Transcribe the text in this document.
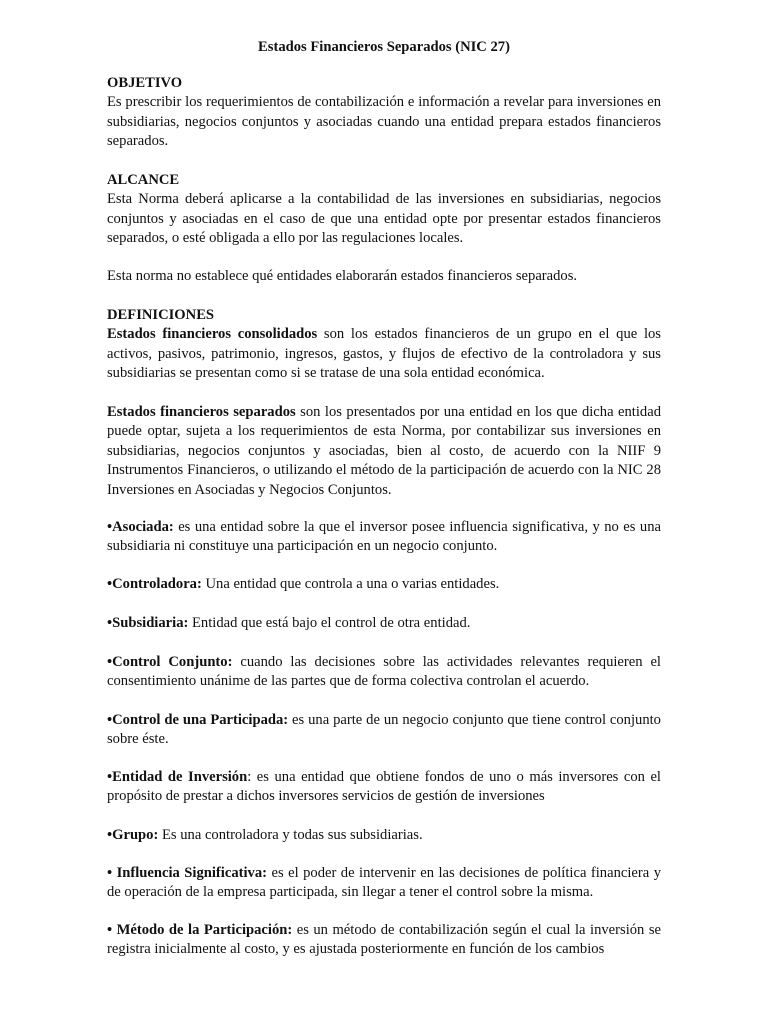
Estados Financieros Separados (NIC 27)

OBJETIVO
Es prescribir los requerimientos de contabilización e información a revelar para inversiones en subsidiarias, negocios conjuntos y asociadas cuando una entidad prepara estados financieros separados.
ALCANCE
Esta Norma deberá aplicarse a la contabilidad de las inversiones en subsidiarias, negocios conjuntos y asociadas en el caso de que una entidad opte por presentar estados financieros separados, o esté obligada a ello por las regulaciones locales.
Esta norma no establece qué entidades elaborarán estados financieros separados.
DEFINICIONES
Estados financieros consolidados son los estados financieros de un grupo en el que los activos, pasivos, patrimonio, ingresos, gastos, y flujos de efectivo de la controladora y sus subsidiarias se presentan como si se tratase de una sola entidad económica.
Estados financieros separados son los presentados por una entidad en los que dicha entidad puede optar, sujeta a los requerimientos de esta Norma, por contabilizar sus inversiones en subsidiarias, negocios conjuntos y asociadas, bien al costo, de acuerdo con la NIIF 9 Instrumentos Financieros, o utilizando el método de la participación de acuerdo con la NIC 28 Inversiones en Asociadas y Negocios Conjuntos.
•Asociada: es una entidad sobre la que el inversor posee influencia significativa, y no es una subsidiaria ni constituye una participación en un negocio conjunto.
•Controladora: Una entidad que controla a una o varias entidades.
•Subsidiaria: Entidad que está bajo el control de otra entidad.
•Control Conjunto: cuando las decisiones sobre las actividades relevantes requieren el consentimiento unánime de las partes que de forma colectiva controlan el acuerdo.
•Control de una Participada: es una parte de un negocio conjunto que tiene control conjunto sobre éste.
•Entidad de Inversión: es una entidad que obtiene fondos de uno o más inversores con el propósito de prestar a dichos inversores servicios de gestión de inversiones
•Grupo: Es una controladora y todas sus subsidiarias.
• Influencia Significativa: es el poder de intervenir en las decisiones de política financiera y de operación de la empresa participada, sin llegar a tener el control sobre la misma.
• Método de la Participación: es un método de contabilización según el cual la inversión se registra inicialmente al costo, y es ajustada posteriormente en función de los cambios
